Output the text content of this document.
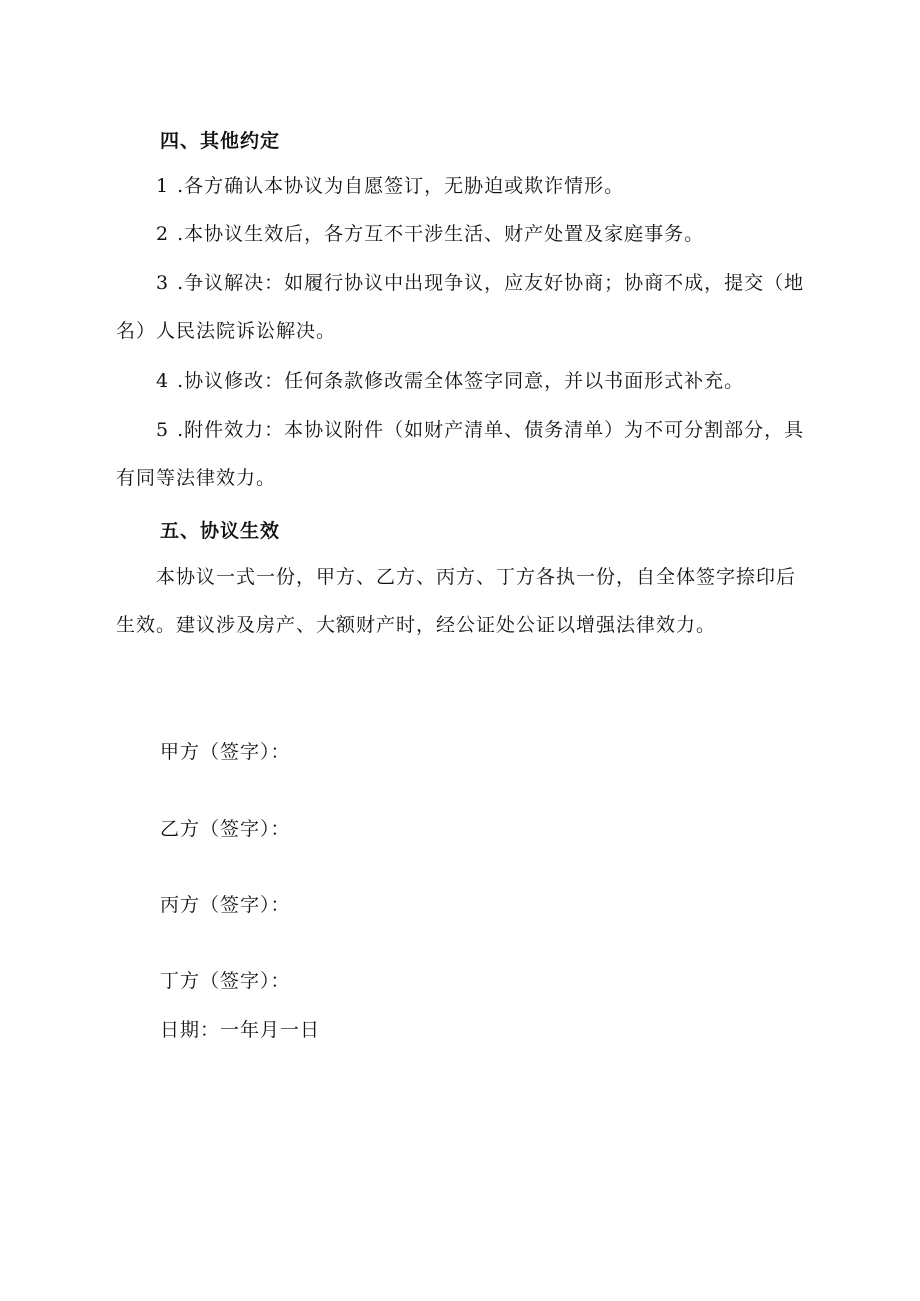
四、其他约定

1 .各方确认本协议为自愿签订，无胁迫或欺诈情形。

2 .本协议生效后，各方互不干涉生活、财产处置及家庭事务。

3 .争议解决：如履行协议中出现争议，应友好协商；协商不成，提交（地名）人民法院诉讼解决。

4 .协议修改：任何条款修改需全体签字同意，并以书面形式补充。

5 .附件效力：本协议附件（如财产清单、债务清单）为不可分割部分，具有同等法律效力。

五、协议生效

本协议一式一份，甲方、乙方、丙方、丁方各执一份，自全体签字捺印后生效。建议涉及房产、大额财产时，经公证处公证以增强法律效力。

甲方（签字）：
乙方（签字）：
丙方（签字）：
丁方（签字）：
日期：一年月一日
